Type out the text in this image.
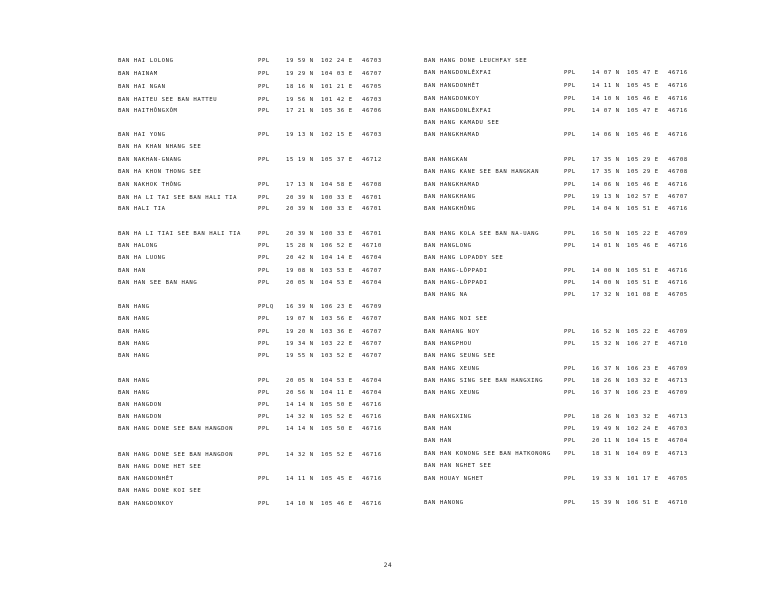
BAN HAI LOLONG	PPL	19 59 N 102 24 E 46703
BAN HAINAM	PPL	19 29 N 104 03 E 46707
BAN HAI NGAN	PPL	18 16 N 101 21 E 46705
BAN HAITEU SEE BAN HATTEU	PPL	19 56 N 101 42 E 46703
BAN HAITHÔNGXÔM	PPL	17 21 N 105 36 E 46706
BAN HAI YONG	PPL	19 13 N 102 15 E 46703
BAN HA KHAN NHANG SEE
BAN NAKHAN-GNANG	PPL	15 19 N 105 37 E 46712
BAN HA KHON THONG SEE
BAN NAKHOK THÔNG	PPL	17 13 N 104 58 E 46708
BAN HA LI TAI SEE BAN HALI TIA	PPL	20 39 N 100 33 E 46701
BAN HALI TIA	PPL	20 39 N 100 33 E 46701
BAN HA LI TIAI SEE BAN HALI TIA	PPL	20 39 N 100 33 E 46701
BAN HALONG	PPL	15 28 N 106 52 E 46710
BAN HA LUONG	PPL	20 42 N 104 14 E 46704
BAN HAN	PPL	19 08 N 103 53 E 46707
BAN HAN SEE BAN HANG	PPL	20 05 N 104 53 E 46704
BAN HANG	PPLQ 16 39 N 106 23 E 46709
BAN HANG	PPL	19 07 N 103 56 E 46707
BAN HANG	PPL	19 20 N 103 36 E 46707
BAN HANG	PPL	19 34 N 103 22 E 46707
BAN HANG	PPL	19 55 N 103 52 E 46707
BAN HANG	PPL	20 05 N 104 53 E 46704
BAN HANG	PPL	20 56 N 104 11 E 46704
BAN HANGDON	PPL	14 14 N 105 50 E 46716
BAN HANGDON	PPL	14 32 N 105 52 E 46716
BAN HANG DONE SEE BAN HANGDON	PPL	14 14 N 105 50 E 46716
BAN HANG DONE SEE BAN HANGDON	PPL	14 32 N 105 52 E 46716
BAN HANG DONE HET SEE
BAN HANGDONHÊT	PPL	14 11 N 105 45 E 46716
BAN HANG DONE KOI SEE
BAN HANGDONKOY	PPL	14 10 N 105 46 E 46716
BAN HANG DONE LEUCHFAY SEE
BAN HANGDONLÊXFAI	PPL	14 07 N 105 47 E 46716
BAN HANGDONHÊT	PPL	14 11 N 105 45 E 46716
BAN HANGDONKOY	PPL	14 10 N 105 46 E 46716
BAN HANGDONLÊXFAI	PPL	14 07 N 105 47 E 46716
BAN HANG KAMADU SEE
BAN HANGKHAMAD	PPL	14 06 N 105 46 E 46716
BAN HANGKAN	PPL	17 35 N 105 29 E 46708
BAN HANG KANE SEE BAN HANGKAN	PPL	17 35 N 105 29 E 46708
BAN HANGKHAMAD	PPL	14 06 N 105 46 E 46716
BAN HANGKHANG	PPL	19 13 N 102 57 E 46707
BAN HANGKHÔNG	PPL	14 04 N 105 51 E 46716
BAN HANG KOLA SEE BAN NA-UANG	PPL	16 50 N 105 22 E 46709
BAN HANGLONG	PPL	14 01 N 105 46 E 46716
BAN HANG LOPADDY SEE
BAN HANG-LÔPPADI	PPL	14 00 N 105 51 E 46716
BAN HANG-LÔPPADI	PPL	14 00 N 105 51 E 46716
BAN HANG NA	PPL	17 32 N 101 08 E 46705
BAN HANG NOI SEE
BAN NAHANG NOY	PPL	16 52 N 105 22 E 46709
BAN HANGPHOU	PPL	15 32 N 106 27 E 46710
BAN HANG SEUNG SEE
BAN HANG XEUNG	PPL	16 37 N 106 23 E 46709
BAN HANG SING SEE BAN HANGXING	PPL	18 26 N 103 32 E 46713
BAN HANG XEUNG	PPL	16 37 N 106 23 E 46709
BAN HANGXING	PPL	18 26 N 103 32 E 46713
BAN HAN	PPL	19 49 N 102 24 E 46703
BAN HAN	PPL	20 11 N 104 15 E 46704
BAN HAN KONONG SEE BAN HATKONONG PPL	18 31 N 104 09 E 46713
BAN HAN NGHET SEE
BAN HOUAY NGHET	PPL	19 33 N 101 17 E 46705
BAN HANONG	PPL	15 39 N 106 51 E 46710
24
